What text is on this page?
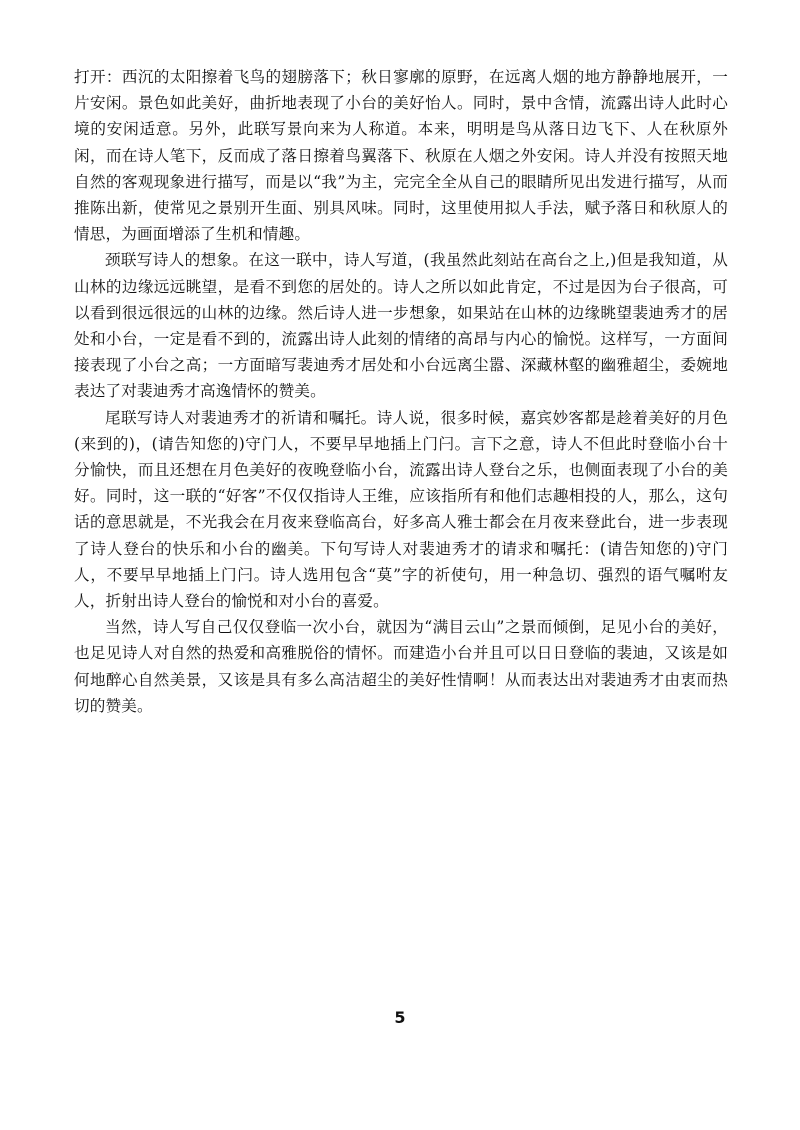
打开：西沉的太阳擦着飞鸟的翅膀落下；秋日寥廓的原野，在远离人烟的地方静静地展开，一片安闲。景色如此美好，曲折地表现了小台的美好怡人。同时，景中含情，流露出诗人此时心境的安闲适意。另外，此联写景向来为人称道。本来，明明是鸟从落日边飞下、人在秋原外闲，而在诗人笔下，反而成了落日擦着鸟翼落下、秋原在人烟之外安闲。诗人并没有按照天地自然的客观现象进行描写，而是以“我”为主，完完全全从自己的眼睛所见出发进行描写，从而推陈出新，使常见之景别开生面、别具风味。同时，这里使用拟人手法，赋予落日和秋原人的情思，为画面增添了生机和情趣。

颈联写诗人的想象。在这一联中，诗人写道，(我虽然此刻站在高台之上,)但是我知道，从山林的边缘远远眺望，是看不到您的居处的。诗人之所以如此肯定，不过是因为台子很高，可以看到很远很远的山林的边缘。然后诗人进一步想象，如果站在山林的边缘眺望裴迪秀才的居处和小台，一定是看不到的，流露出诗人此刻的情绪的高昂与内心的愉悦。这样写，一方面间接表现了小台之高；一方面暗写裴迪秀才居处和小台远离尘嚣、深藏林壑的幽雅超尘，委婉地表达了对裴迪秀才高逸情怀的赞美。

尾联写诗人对裴迪秀才的祈请和嘱托。诗人说，很多时候，嘉宾妙客都是趁着美好的月色(来到的)，(请告知您的)守门人，不要早早地插上门闩。言下之意，诗人不但此时登临小台十分愉快，而且还想在月色美好的夜晚登临小台，流露出诗人登台之乐，也侧面表现了小台的美好。同时，这一联的“好客”不仅仅指诗人王维，应该指所有和他们志趣相投的人，那么，这句话的意思就是，不光我会在月夜来登临高台，好多高人雅士都会在月夜来登此台，进一步表现了诗人登台的快乐和小台的幽美。下句写诗人对裴迪秀才的请求和嘱托：(请告知您的)守门人，不要早早地插上门闩。诗人选用包含“莫”字的祈使句，用一种急切、强烈的语气嘱咐友人，折射出诗人登台的愉悦和对小台的喜爱。

当然，诗人写自己仅仅登临一次小台，就因为“满目云山”之景而倾倒，足见小台的美好，也足见诗人对自然的热爱和高雅脱俗的情怀。而建造小台并且可以日日登临的裴迪，又该是如何地醉心自然美景，又该是具有多么高洁超尘的美好性情啊！从而表达出对裴迪秀才由衷而热切的赞美。

5
